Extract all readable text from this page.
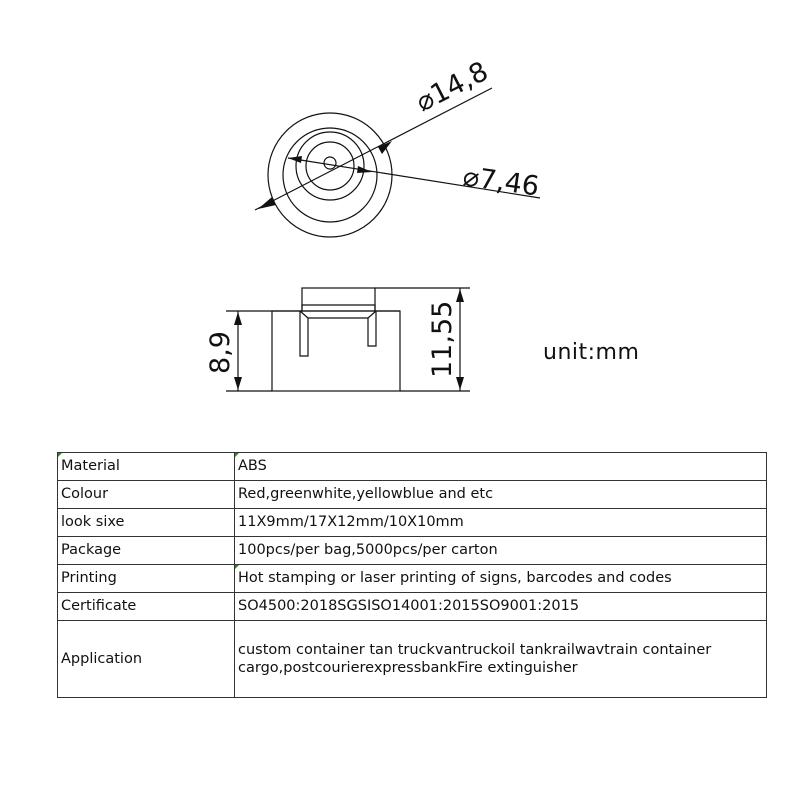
⌀14,8
⌀7,46
8,9	11,55	unit:mm
Material	ABS
Colour	Red,greenwhite,yellowblue and etc
look sixe	11X9mm/17X12mm/10X10mm
Package	100pcs/per bag,5000pcs/per carton
Printing	Hot stamping or laser printing of signs, barcodes and codes
Certificate	SO4500:2018SGSISO14001:2015SO9001:2015
Application	custom container tan truckvantruckoil tankrailwavtrain container cargo,postcourierexpressbankFire extinguisher
